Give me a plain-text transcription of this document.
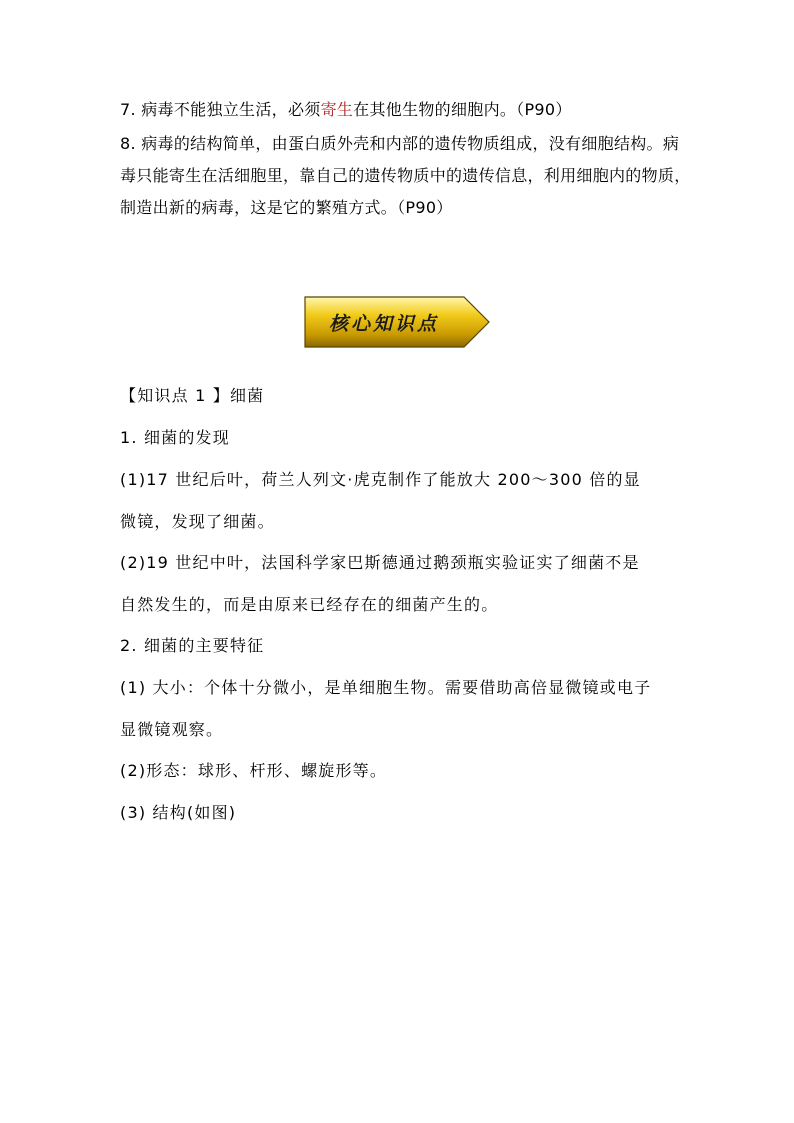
7. 病毒不能独立生活，必须寄生在其他生物的细胞内。（P90）
8. 病毒的结构简单，由蛋白质外壳和内部的遗传物质组成，没有细胞结构。病
毒只能寄生在活细胞里，靠自己的遗传物质中的遗传信息，利用细胞内的物质，
制造出新的病毒，这是它的繁殖方式。（P90）
核心知识点
【知识点 1 】细菌
1. 细菌的发现
(1)17 世纪后叶，荷兰人列文·虎克制作了能放大 200～300 倍的显
微镜，发现了细菌。
(2)19 世纪中叶，法国科学家巴斯德通过鹅颈瓶实验证实了细菌不是
自然发生的，而是由原来已经存在的细菌产生的。
2. 细菌的主要特征
(1) 大小：个体十分微小，是单细胞生物。需要借助高倍显微镜或电子
显微镜观察。
(2)形态：球形、杆形、螺旋形等。
(3) 结构(如图)
